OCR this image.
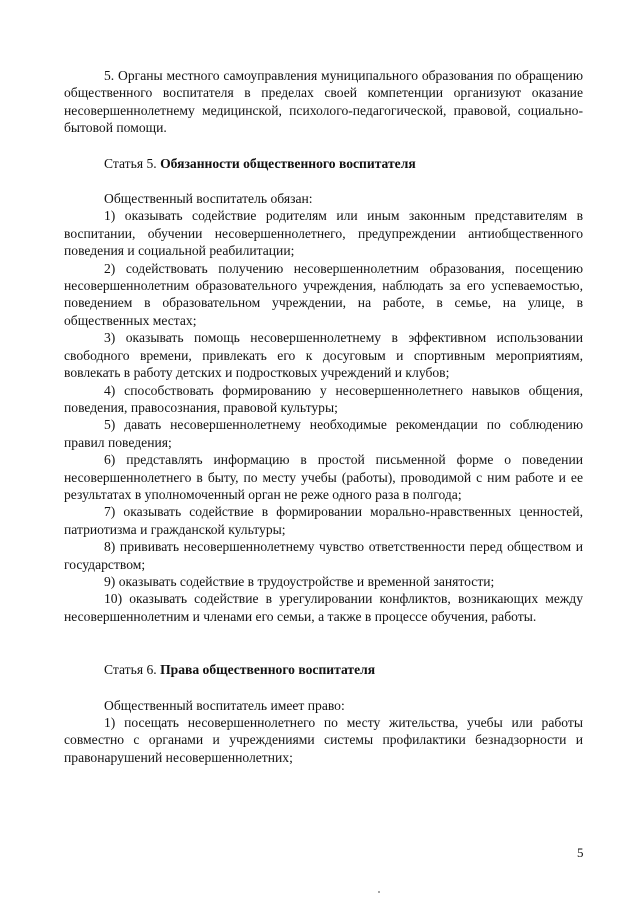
5. Органы местного самоуправления муниципального образования по обращению общественного воспитателя в пределах своей компетенции организуют оказание несовершеннолетнему медицинской, психолого-педагогической, правовой, социально-бытовой помощи.

Статья 5. Обязанности общественного воспитателя

Общественный воспитатель обязан:

1) оказывать содействие родителям или иным законным представителям в воспитании, обучении несовершеннолетнего, предупреждении антиобщественного поведения и социальной реабилитации;

2) содействовать получению несовершеннолетним образования, посещению несовершеннолетним образовательного учреждения, наблюдать за его успеваемостью, поведением в образовательном учреждении, на работе, в семье, на улице, в общественных местах;

3) оказывать помощь несовершеннолетнему в эффективном использовании свободного времени, привлекать его к досуговым и спортивным мероприятиям, вовлекать в работу детских и подростковых учреждений и клубов;

4) способствовать формированию у несовершеннолетнего навыков общения, поведения, правосознания, правовой культуры;

5) давать несовершеннолетнему необходимые рекомендации по соблюдению правил поведения;

6) представлять информацию в простой письменной форме о поведении несовершеннолетнего в быту, по месту учебы (работы), проводимой с ним работе и ее результатах в уполномоченный орган не реже одного раза в полгода;

7) оказывать содействие в формировании морально-нравственных ценностей, патриотизма и гражданской культуры;

8) прививать несовершеннолетнему чувство ответственности перед обществом и государством;

9) оказывать содействие в трудоустройстве и временной занятости;

10) оказывать содействие в урегулировании конфликтов, возникающих между несовершеннолетним и членами его семьи, а также в процессе обучения, работы.

Статья 6. Права общественного воспитателя

Общественный воспитатель имеет право:

1) посещать несовершеннолетнего по месту жительства, учебы или работы совместно с органами и учреждениями системы профилактики безнадзорности и правонарушений несовершеннолетних;

5
